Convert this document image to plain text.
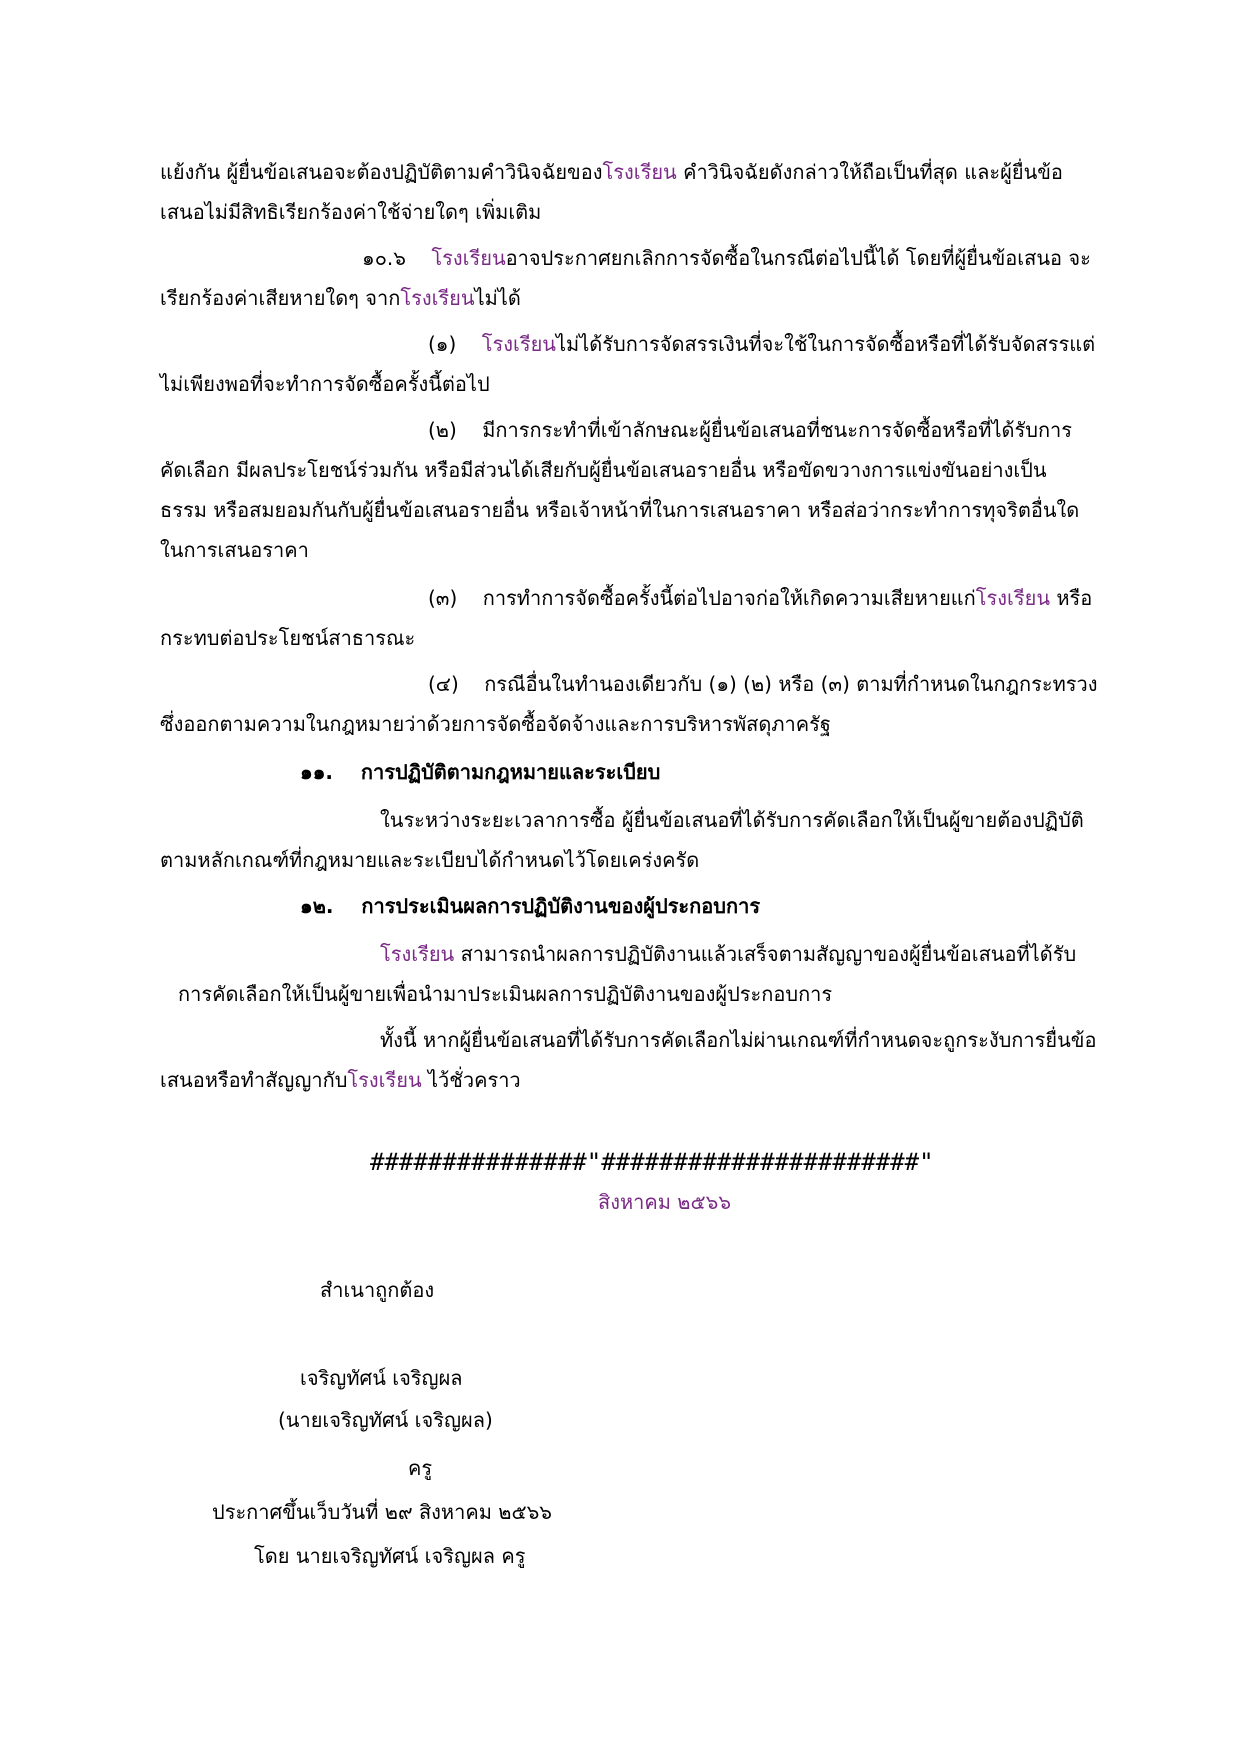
แย้งกัน ผู้ยื่นข้อเสนอจะต้องปฏิบัติตามคำวินิจฉัยของโรงเรียน คำวินิจฉัยดังกล่าวให้ถือเป็นที่สุด และผู้ยื่นข้อ
เสนอไม่มีสิทธิเรียกร้องค่าใช้จ่ายใดๆ เพิ่มเติม
๑๐.๖ โรงเรียนอาจประกาศยกเลิกการจัดซื้อในกรณีต่อไปนี้ได้ โดยที่ผู้ยื่นข้อเสนอ จะ
เรียกร้องค่าเสียหายใดๆ จากโรงเรียนไม่ได้
(๑) โรงเรียนไม่ได้รับการจัดสรรเงินที่จะใช้ในการจัดซื้อหรือที่ได้รับจัดสรรแต่
ไม่เพียงพอที่จะทำการจัดซื้อครั้งนี้ต่อไป
(๒) มีการกระทำที่เข้าลักษณะผู้ยื่นข้อเสนอที่ชนะการจัดซื้อหรือที่ได้รับการ
คัดเลือก มีผลประโยชน์ร่วมกัน หรือมีส่วนได้เสียกับผู้ยื่นข้อเสนอรายอื่น หรือขัดขวางการแข่งขันอย่างเป็น
ธรรม หรือสมยอมกันกับผู้ยื่นข้อเสนอรายอื่น หรือเจ้าหน้าที่ในการเสนอราคา หรือส่อว่ากระทำการทุจริตอื่นใด
ในการเสนอราคา
(๓) การทำการจัดซื้อครั้งนี้ต่อไปอาจก่อให้เกิดความเสียหายแก่โรงเรียน หรือ
กระทบต่อประโยชน์สาธารณะ
(๔) กรณีอื่นในทำนองเดียวกับ (๑) (๒) หรือ (๓) ตามที่กำหนดในกฎกระทรวง
ซึ่งออกตามความในกฎหมายว่าด้วยการจัดซื้อจัดจ้างและการบริหารพัสดุภาครัฐ
๑๑. การปฏิบัติตามกฎหมายและระเบียบ
ในระหว่างระยะเวลาการซื้อ ผู้ยื่นข้อเสนอที่ได้รับการคัดเลือกให้เป็นผู้ขายต้องปฏิบัติ
ตามหลักเกณฑ์ที่กฎหมายและระเบียบได้กำหนดไว้โดยเคร่งครัด
๑๒. การประเมินผลการปฏิบัติงานของผู้ประกอบการ
โรงเรียน สามารถนำผลการปฏิบัติงานแล้วเสร็จตามสัญญาของผู้ยื่นข้อเสนอที่ได้รับ
การคัดเลือกให้เป็นผู้ขายเพื่อนำมาประเมินผลการปฏิบัติงานของผู้ประกอบการ
ทั้งนี้ หากผู้ยื่นข้อเสนอที่ได้รับการคัดเลือกไม่ผ่านเกณฑ์ที่กำหนดจะถูกระงับการยื่นข้อ
เสนอหรือทำสัญญากับโรงเรียน ไว้ชั่วคราว
###############"######################"
สิงหาคม ๒๕๖๖
สำเนาถูกต้อง
เจริญทัศน์ เจริญผล
(นายเจริญทัศน์ เจริญผล)
ครู
ประกาศขึ้นเว็บวันที่ ๒๙ สิงหาคม ๒๕๖๖
โดย นายเจริญทัศน์ เจริญผล ครู
